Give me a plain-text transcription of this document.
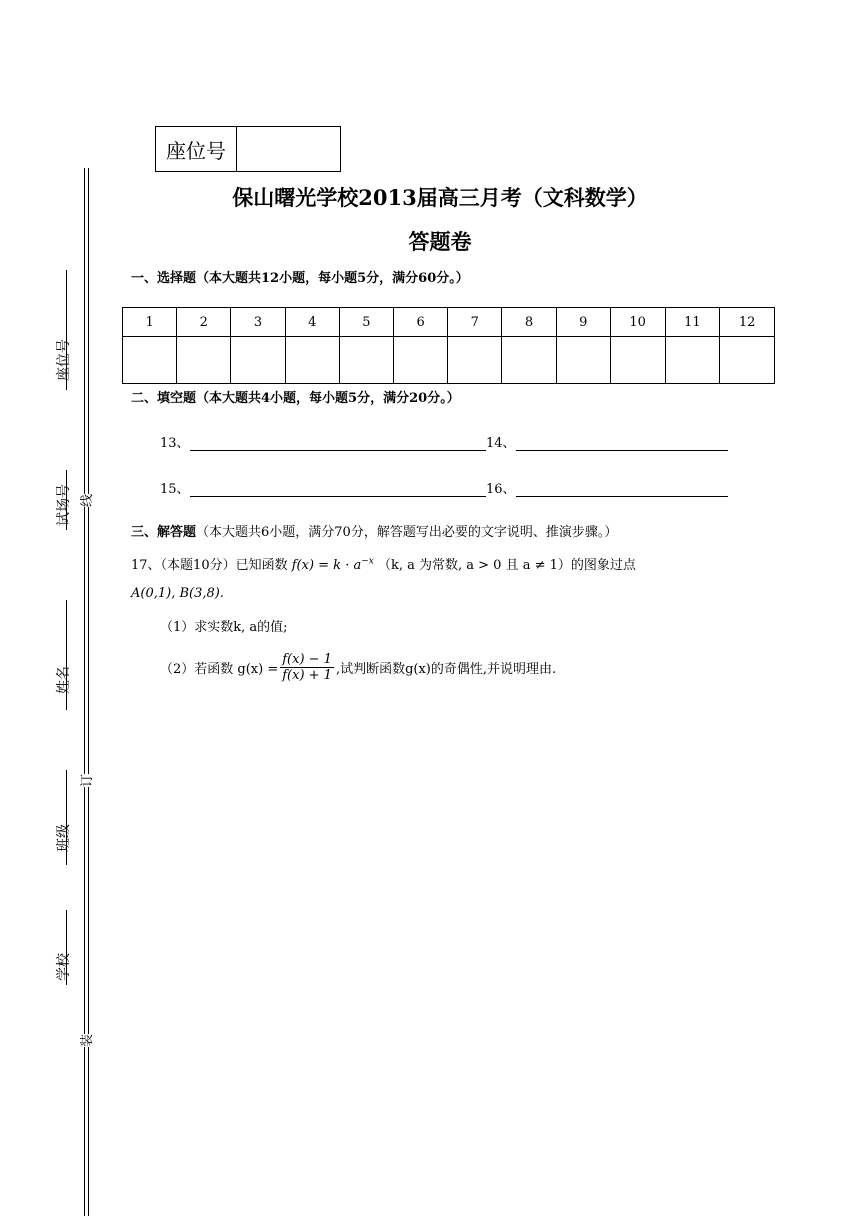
座位号
试场号
姓名
班级
学校
线
订
装
座位号
保山曙光学校2013届高三月考（文科数学）
答题卷
一、选择题（本大题共12小题，每小题5分，满分60分。）
1	2	3	4	5	6	7	8	9	10	11	12

二、填空题（本大题共4小题，每小题5分，满分20分。）
13、	14、
15、	16、
三、解答题（本大题共6小题，满分70分，解答题写出必要的文字说明、推演步骤。）
17、（本题10分）已知函数 $f(x) = k \cdot a^{-x}$ （k, a 为常数, a > 0 且 a ≠ 1）的图象过点
A(0,1), B(3,8).
（1）求实数k, a的值;
（2）若函数 $g(x) = \frac{f(x) - 1}{f(x) + 1}$ ,试判断函数g(x)的奇偶性,并说明理由.
